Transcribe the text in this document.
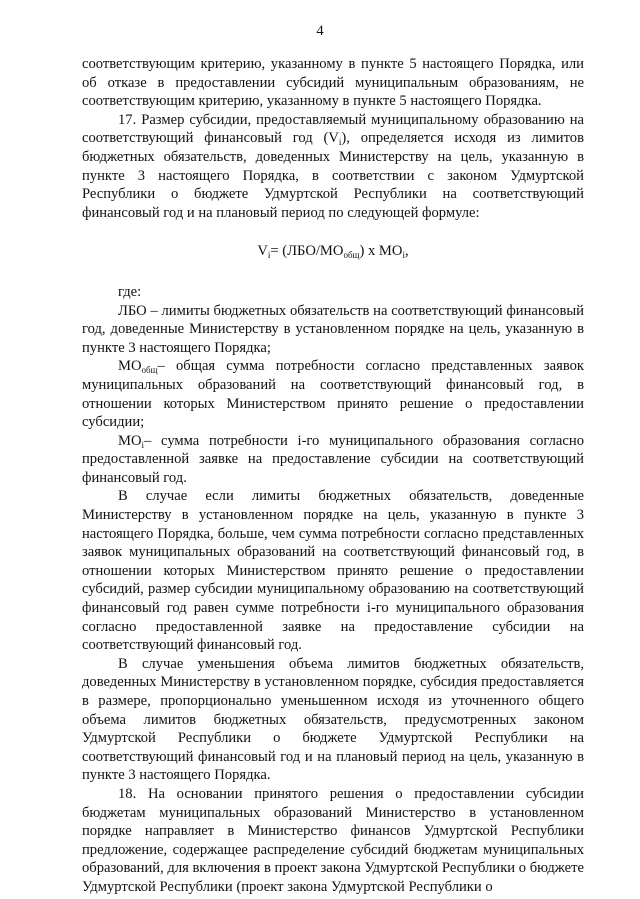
4

соответствующим критерию, указанному в пункте 5 настоящего Порядка, или об отказе в предоставлении субсидий муниципальным образованиям, не соответствующим критерию, указанному в пункте 5 настоящего Порядка.

17. Размер субсидии, предоставляемый муниципальному образованию на соответствующий финансовый год $(V_i)$, определяется исходя из лимитов бюджетных обязательств, доведенных Министерству на цель, указанную в пункте 3 настоящего Порядка, в соответствии с законом Удмуртской Республики о бюджете Удмуртской Республики на соответствующий финансовый год и на плановый период по следующей формуле:

$V_i= (ЛБО/МО_{общ})$ x $МО_i$,

где:

ЛБО – лимиты бюджетных обязательств на соответствующий финансовый год, доведенные Министерству в установленном порядке на цель, указанную в пункте 3 настоящего Порядка;

$МО_{общ}-$ общая сумма потребности согласно представленных заявок муниципальных образований на соответствующий финансовый год, в отношении которых Министерством принято решение о предоставлении субсидии;

$МО_i-$ сумма потребности i-го муниципального образования согласно предоставленной заявке на предоставление субсидии на соответствующий финансовый год.

В случае если лимиты бюджетных обязательств, доведенные Министерству в установленном порядке на цель, указанную в пункте 3 настоящего Порядка, больше, чем сумма потребности согласно представленных заявок муниципальных образований на соответствующий финансовый год, в отношении которых Министерством принято решение о предоставлении субсидий, размер субсидии муниципальному образованию на соответствующий финансовый год равен сумме потребности i-го муниципального образования согласно предоставленной заявке на предоставление субсидии на соответствующий финансовый год.

В случае уменьшения объема лимитов бюджетных обязательств, доведенных Министерству в установленном порядке, субсидия предоставляется в размере, пропорционально уменьшенном исходя из уточненного общего объема лимитов бюджетных обязательств, предусмотренных законом Удмуртской Республики о бюджете Удмуртской Республики на соответствующий финансовый год и на плановый период на цель, указанную в пункте 3 настоящего Порядка.

18. На основании принятого решения о предоставлении субсидии бюджетам муниципальных образований Министерство в установленном порядке направляет в Министерство финансов Удмуртской Республики предложение, содержащее распределение субсидий бюджетам муниципальных образований, для включения в проект закона Удмуртской Республики о бюджете Удмуртской Республики (проект закона Удмуртской Республики о
